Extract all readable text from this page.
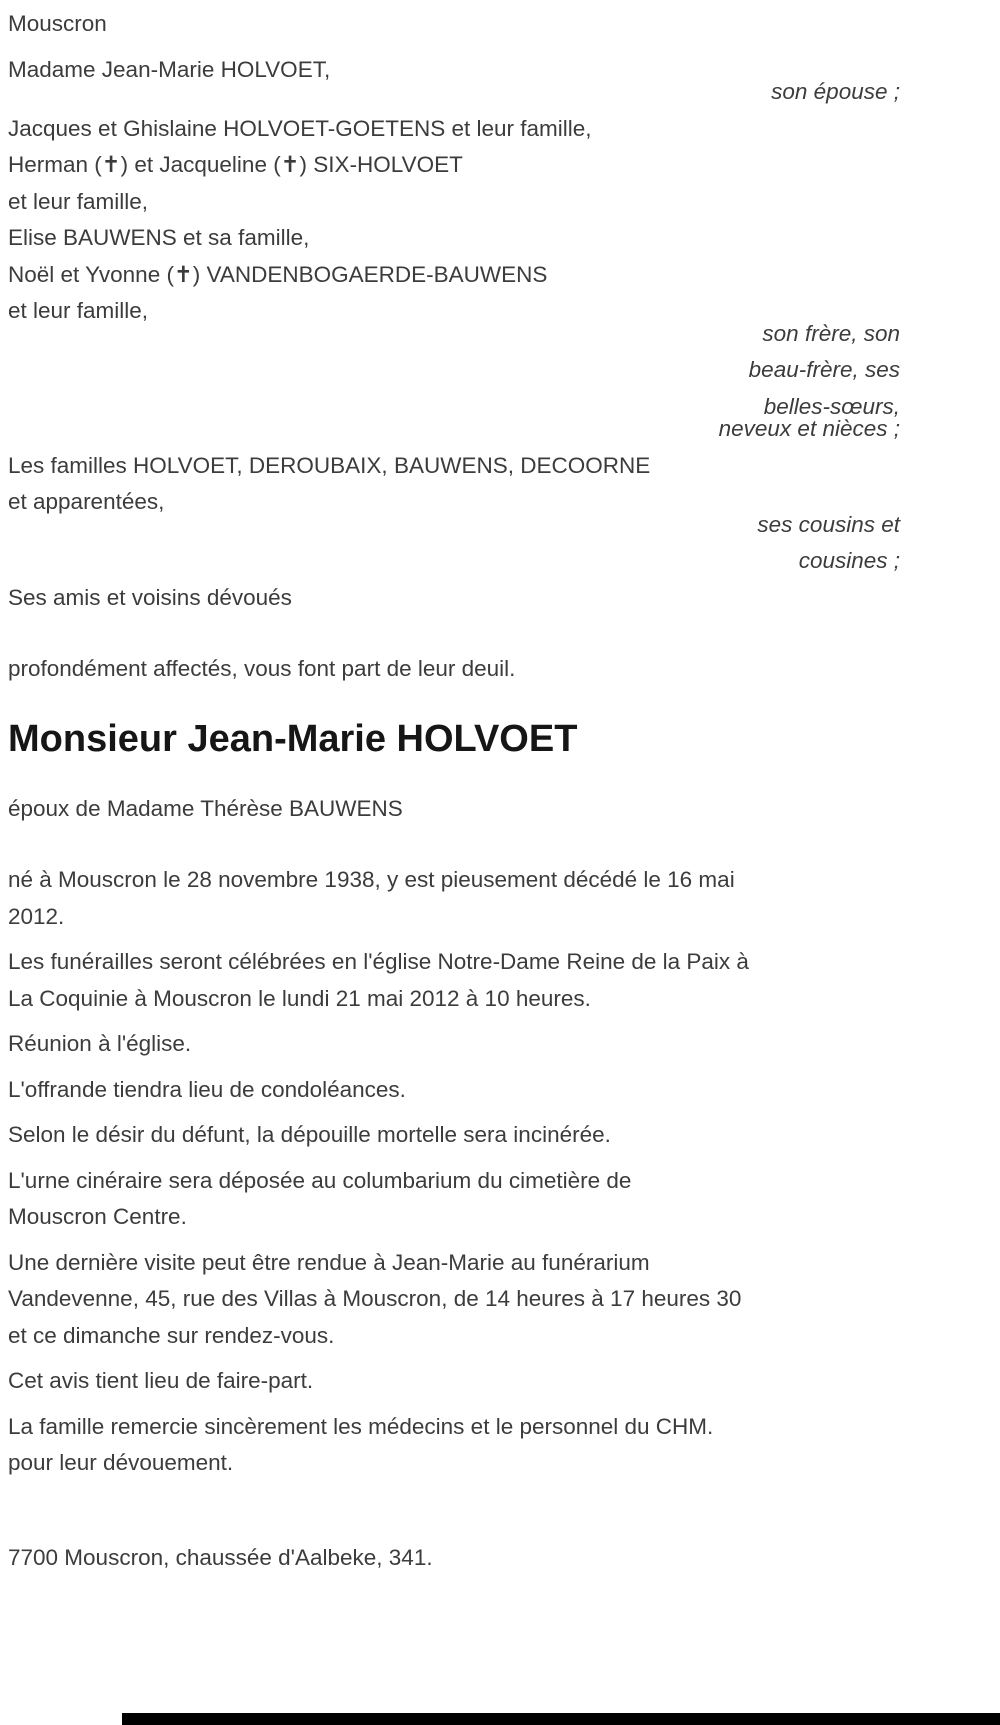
Mouscron
Madame Jean-Marie HOLVOET,
son épouse ;
Jacques et Ghislaine HOLVOET-GOETENS et leur famille,
Herman (✝) et Jacqueline (✝) SIX-HOLVOET
et leur famille,
Elise BAUWENS et sa famille,
Noël et Yvonne (✝) VANDENBOGAERDE-BAUWENS
et leur famille,
son frère, son
beau-frère, ses
belles-sœurs,
neveux et nièces ;
Les familles HOLVOET, DEROUBAIX, BAUWENS, DECOORNE
et apparentées,
ses cousins et
cousines ;
Ses amis et voisins dévoués
profondément affectés, vous font part de leur deuil.
Monsieur Jean-Marie HOLVOET
époux de Madame Thérèse BAUWENS
né à Mouscron le 28 novembre 1938, y est pieusement décédé le 16 mai
2012.
Les funérailles seront célébrées en l'église Notre-Dame Reine de la Paix à
La Coquinie à Mouscron le lundi 21 mai 2012 à 10 heures.
Réunion à l'église.
L'offrande tiendra lieu de condoléances.
Selon le désir du défunt, la dépouille mortelle sera incinérée.
L'urne cinéraire sera déposée au columbarium du cimetière de
Mouscron Centre.
Une dernière visite peut être rendue à Jean-Marie au funérarium
Vandevenne, 45, rue des Villas à Mouscron, de 14 heures à 17 heures 30
et ce dimanche sur rendez-vous.
Cet avis tient lieu de faire-part.
La famille remercie sincèrement les médecins et le personnel du CHM.
pour leur dévouement.
7700 Mouscron, chaussée d'Aalbeke, 341.
